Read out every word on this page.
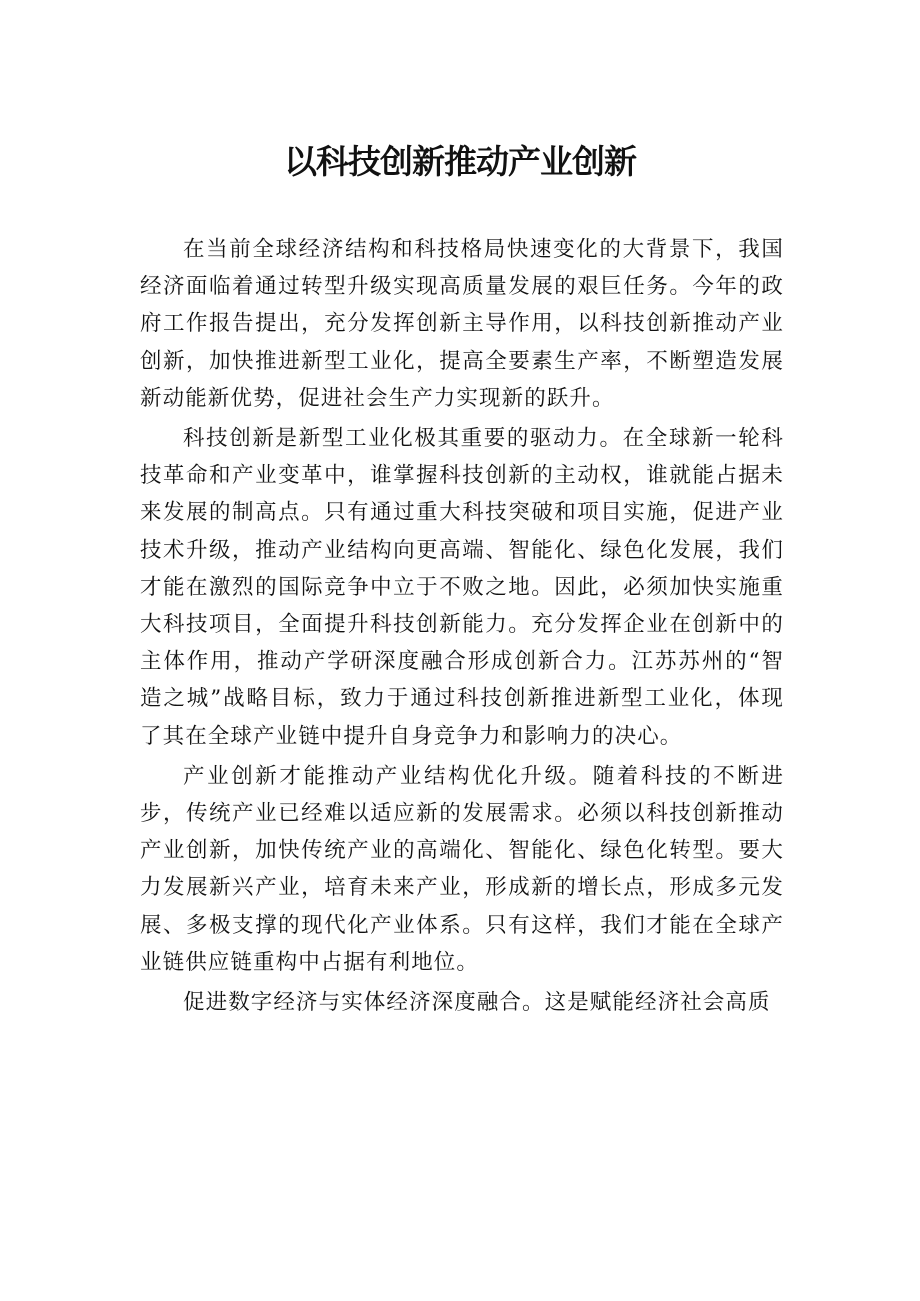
以科技创新推动产业创新

在当前全球经济结构和科技格局快速变化的大背景下，我国经济面临着通过转型升级实现高质量发展的艰巨任务。今年的政府工作报告提出，充分发挥创新主导作用，以科技创新推动产业创新，加快推进新型工业化，提高全要素生产率，不断塑造发展新动能新优势，促进社会生产力实现新的跃升。

科技创新是新型工业化极其重要的驱动力。在全球新一轮科技革命和产业变革中，谁掌握科技创新的主动权，谁就能占据未来发展的制高点。只有通过重大科技突破和项目实施，促进产业技术升级，推动产业结构向更高端、智能化、绿色化发展，我们才能在激烈的国际竞争中立于不败之地。因此，必须加快实施重大科技项目，全面提升科技创新能力。充分发挥企业在创新中的主体作用，推动产学研深度融合形成创新合力。江苏苏州的“智造之城”战略目标，致力于通过科技创新推进新型工业化，体现了其在全球产业链中提升自身竞争力和影响力的决心。

产业创新才能推动产业结构优化升级。随着科技的不断进步，传统产业已经难以适应新的发展需求。必须以科技创新推动产业创新，加快传统产业的高端化、智能化、绿色化转型。要大力发展新兴产业，培育未来产业，形成新的增长点，形成多元发展、多极支撑的现代化产业体系。只有这样，我们才能在全球产业链供应链重构中占据有利地位。

促进数字经济与实体经济深度融合。这是赋能经济社会高质
